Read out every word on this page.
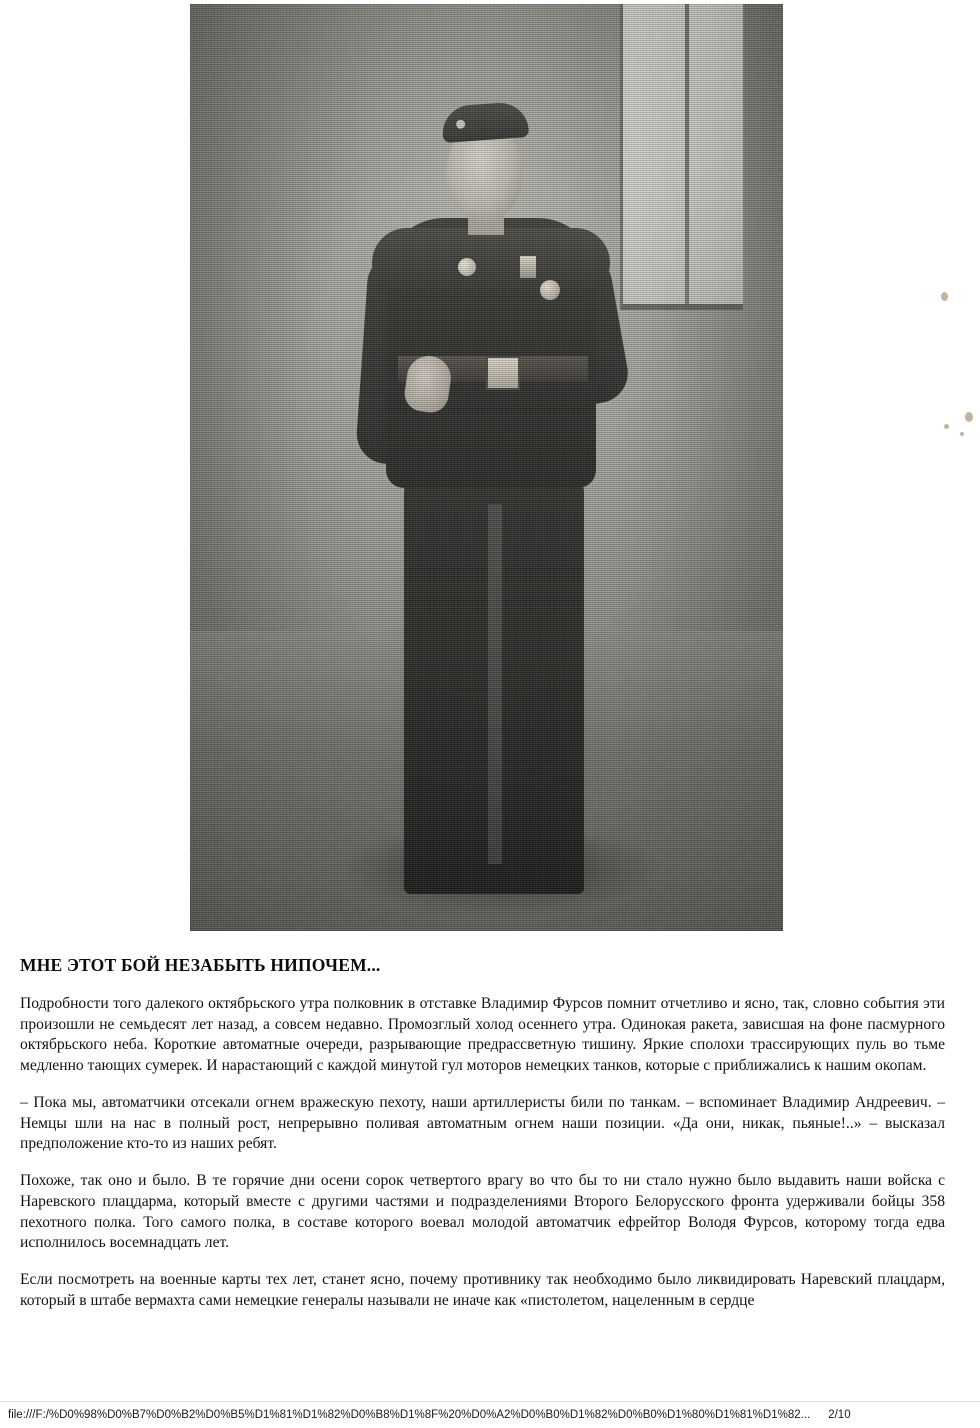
МНЕ ЭТОТ БОЙ НЕЗАБЫТЬ НИПОЧЕМ...

Подробности того далекого октябрьского утра полковник в отставке Владимир Фурсов помнит отчетливо и ясно, так, словно события эти произошли не семьдесят лет назад, а совсем недавно. Промозглый холод осеннего утра. Одинокая ракета, зависшая на фоне пасмурного октябрьского неба. Короткие автоматные очереди, разрывающие предрассветную тишину. Яркие сполохи трассирующих пуль во тьме медленно тающих сумерек. И нарастающий с каждой минутой гул моторов немецких танков, которые с приближались к нашим окопам.

– Пока мы, автоматчики отсекали огнем вражескую пехоту, наши артиллеристы били по танкам. – вспоминает Владимир Андреевич. – Немцы шли на нас в полный рост, непрерывно поливая автоматным огнем наши позиции. «Да они, никак, пьяные!..» – высказал предположение кто-то из наших ребят.

Похоже, так оно и было. В те горячие дни осени сорок четвертого врагу во что бы то ни стало нужно было выдавить наши войска с Наревского плацдарма, который вместе с другими частями и подразделениями Второго Белорусского фронта удерживали бойцы 358 пехотного полка. Того самого полка, в составе которого воевал молодой автоматчик ефрейтор Володя Фурсов, которому тогда едва исполнилось восемнадцать лет.

Если посмотреть на военные карты тех лет, станет ясно, почему противнику так необходимо было ликвидировать Наревский плацдарм, который в штабе вермахта сами немецкие генералы называли не иначе как «пистолетом, нацеленным в сердце

file:///F:/%D0%98%D0%B7%D0%B2%D0%B5%D1%81%D1%82%D0%B8%D1%8F%20%D0%A2%D0%B0%D1%82%D0%B0%D1%80%D1%81%D1%82... 2/10
